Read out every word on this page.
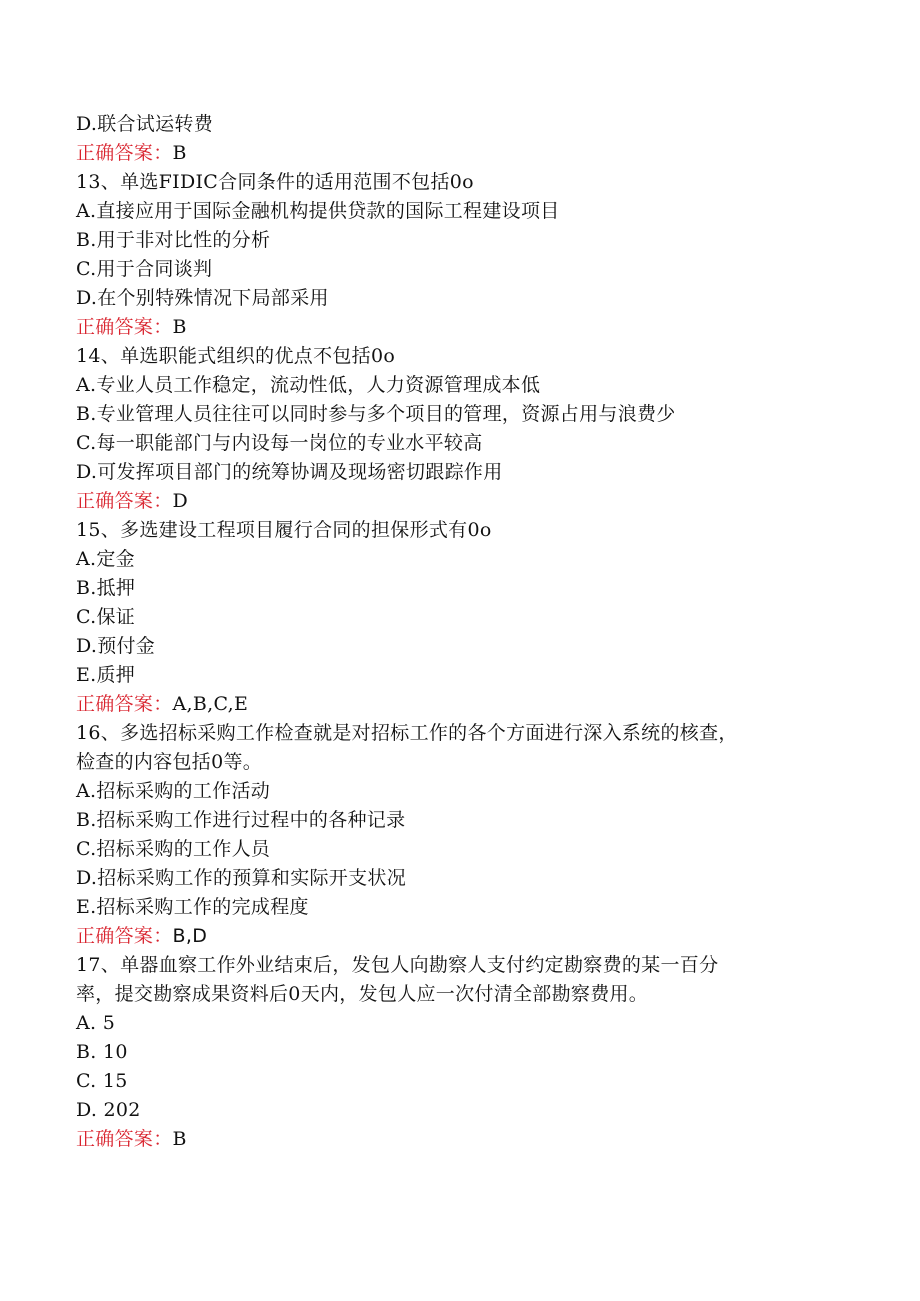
D.联合试运转费
正确答案：B
13、单选FIDIC合同条件的适用范围不包括0o
A.直接应用于国际金融机构提供贷款的国际工程建设项目
B.用于非对比性的分析
C.用于合同谈判
D.在个别特殊情况下局部采用
正确答案：B
14、单选职能式组织的优点不包括0o
A.专业人员工作稳定，流动性低，人力资源管理成本低
B.专业管理人员往往可以同时参与多个项目的管理，资源占用与浪费少
C.每一职能部门与内设每一岗位的专业水平较高
D.可发挥项目部门的统筹协调及现场密切跟踪作用
正确答案：D
15、多选建设工程项目履行合同的担保形式有0o
A.定金
B.抵押
C.保证
D.预付金
E.质押
正确答案：A,B,C,E
16、多选招标采购工作检查就是对招标工作的各个方面进行深入系统的核查，
检查的内容包括0等。
A.招标采购的工作活动
B.招标采购工作进行过程中的各种记录
C.招标采购的工作人员
D.招标采购工作的预算和实际开支状况
E.招标采购工作的完成程度
正确答案：B,D
17、单器血察工作外业结束后，发包人向勘察人支付约定勘察费的某一百分
率，提交勘察成果资料后0天内，发包人应一次付清全部勘察费用。
A. 5
B. 10
C. 15
D. 202
正确答案：B
